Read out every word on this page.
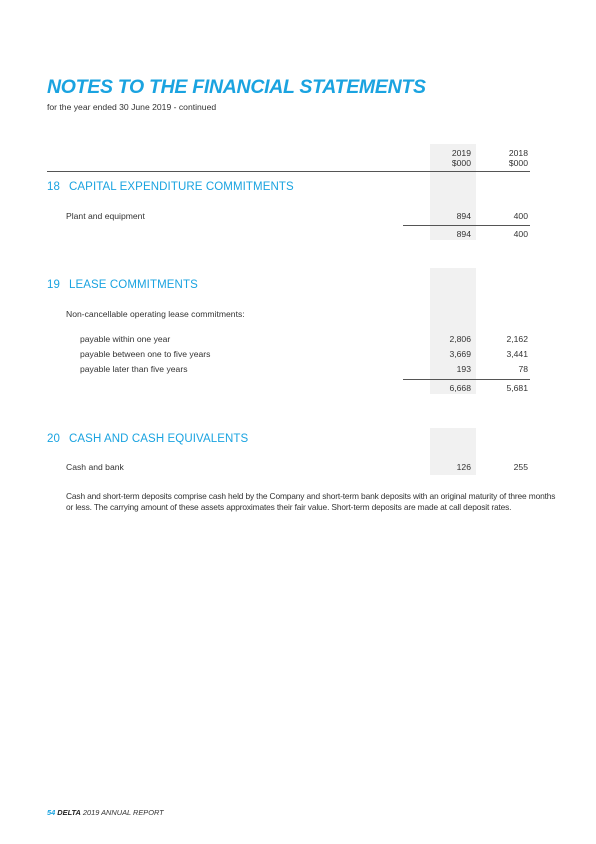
NOTES TO THE FINANCIAL STATEMENTS
for the year ended 30 June 2019 - continued
2019	2018
$000	$000
18 CAPITAL EXPENDITURE COMMITMENTS
Plant and equipment	894	400
894	400
19 LEASE COMMITMENTS
Non-cancellable operating lease commitments:
payable within one year	2,806	2,162
payable between one to five years	3,669	3,441
payable later than five years	193	78
6,668	5,681
20 CASH AND CASH EQUIVALENTS
Cash and bank	126	255
Cash and short-term deposits comprise cash held by the Company and short-term bank deposits with an original maturity of three months or less. The carrying amount of these assets approximates their fair value. Short-term deposits are made at call deposit rates.
54 DELTA 2019 ANNUAL REPORT
